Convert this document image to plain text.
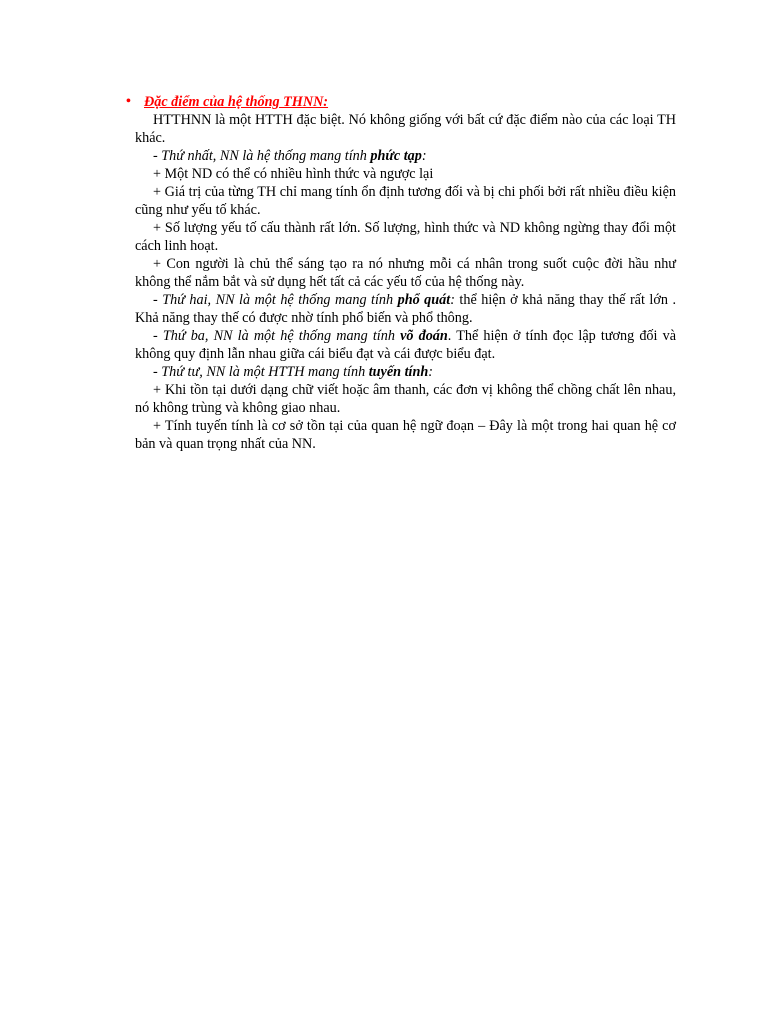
• Đặc điểm của hệ thống THNN:

HTTHNN là một HTTH đặc biệt. Nó không giống với bất cứ đặc điểm nào của các loại TH khác.

- Thứ nhất, NN là hệ thống mang tính phức tạp:

+ Một ND có thể có nhiều hình thức và ngược lại

+ Giá trị của từng TH chỉ mang tính ổn định tương đối và bị chi phối bởi rất nhiều điều kiện cũng như yếu tố khác.

+ Số lượng yếu tố cấu thành rất lớn. Số lượng, hình thức và ND không ngừng thay đổi một cách linh hoạt.

+ Con người là chủ thể sáng tạo ra nó nhưng mỗi cá nhân trong suốt cuộc đời hầu như không thể nắm bắt và sử dụng hết tất cả các yếu tố của hệ thống này.

- Thứ hai, NN là một hệ thống mang tính phổ quát: thể hiện ở khả năng thay thế rất lớn . Khả năng thay thế có được nhờ tính phổ biến và phổ thông.

- Thứ ba, NN là một hệ thống mang tính võ đoán. Thể hiện ở tính đọc lập tương đối và không quy định lẫn nhau giữa cái biểu đạt và cái được biểu đạt.

- Thứ tư, NN là một HTTH mang tính tuyến tính:

+ Khi tồn tại dưới dạng chữ viết hoặc âm thanh, các đơn vị không thể chồng chất lên nhau, nó không trùng và không giao nhau.

+ Tính tuyến tính là cơ sở tồn tại của quan hệ ngữ đoạn – Đây là một trong hai quan hệ cơ bản và quan trọng nhất của NN.
